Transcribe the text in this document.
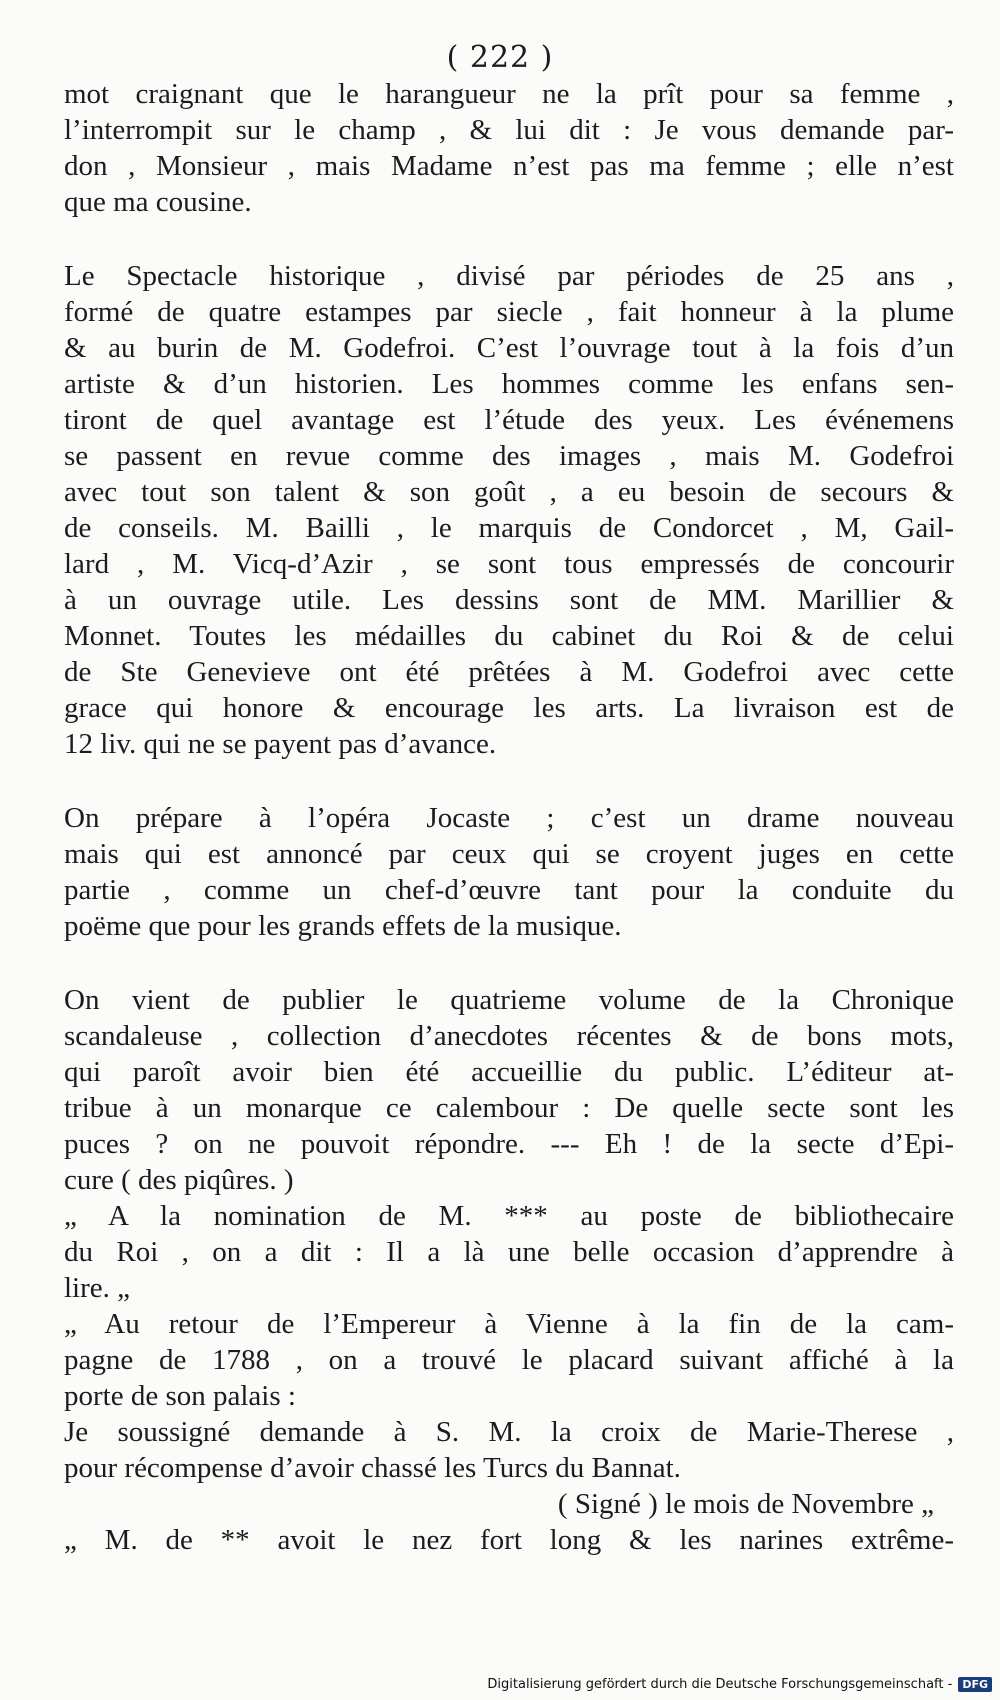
( 222 )
mot craignant que le harangueur ne la prît pour sa femme ,
l’interrompit sur le champ , & lui dit : Je vous demande par-
don , Monsieur , mais Madame n’est pas ma femme ; elle n’est
que ma cousine.
Le Spectacle historique , divisé par périodes de 25 ans ,
formé de quatre estampes par siecle , fait honneur à la plume
& au burin de M. Godefroi. C’est l’ouvrage tout à la fois d’un
artiste & d’un historien. Les hommes comme les enfans sen-
tiront de quel avantage est l’étude des yeux. Les événemens
se passent en revue comme des images , mais M. Godefroi
avec tout son talent & son goût , a eu besoin de secours &
de conseils. M. Bailli , le marquis de Condorcet , M, Gail-
lard , M. Vicq-d’Azir , se sont tous empressés de concourir
à un ouvrage utile. Les dessins sont de MM. Marillier &
Monnet. Toutes les médailles du cabinet du Roi & de celui
de Ste Genevieve ont été prêtées à M. Godefroi avec cette
grace qui honore & encourage les arts. La livraison est de
12 liv. qui ne se payent pas d’avance.
On prépare à l’opéra Jocaste ; c’est un drame nouveau
mais qui est annoncé par ceux qui se croyent juges en cette
partie , comme un chef-d’œuvre tant pour la conduite du
poëme que pour les grands effets de la musique.
On vient de publier le quatrieme volume de la Chronique
scandaleuse , collection d’anecdotes récentes & de bons mots,
qui paroît avoir bien été accueillie du public. L’éditeur at-
tribue à un monarque ce calembour : De quelle secte sont les
puces ? on ne pouvoit répondre. --- Eh ! de la secte d’Epi-
cure ( des piqûres. )
„ A la nomination de M. *** au poste de bibliothecaire
du Roi , on a dit : Il a là une belle occasion d’apprendre à
lire. „
„ Au retour de l’Empereur à Vienne à la fin de la cam-
pagne de 1788 , on a trouvé le placard suivant affiché à la
porte de son palais :
Je soussigné demande à S. M. la croix de Marie-Therese ,
pour récompense d’avoir chassé les Turcs du Bannat.
( Signé ) le mois de Novembre „
„ M. de ** avoit le nez fort long & les narines extrême-
Digitalisierung gefördert durch die Deutsche Forschungsgemeinschaft - DFG
